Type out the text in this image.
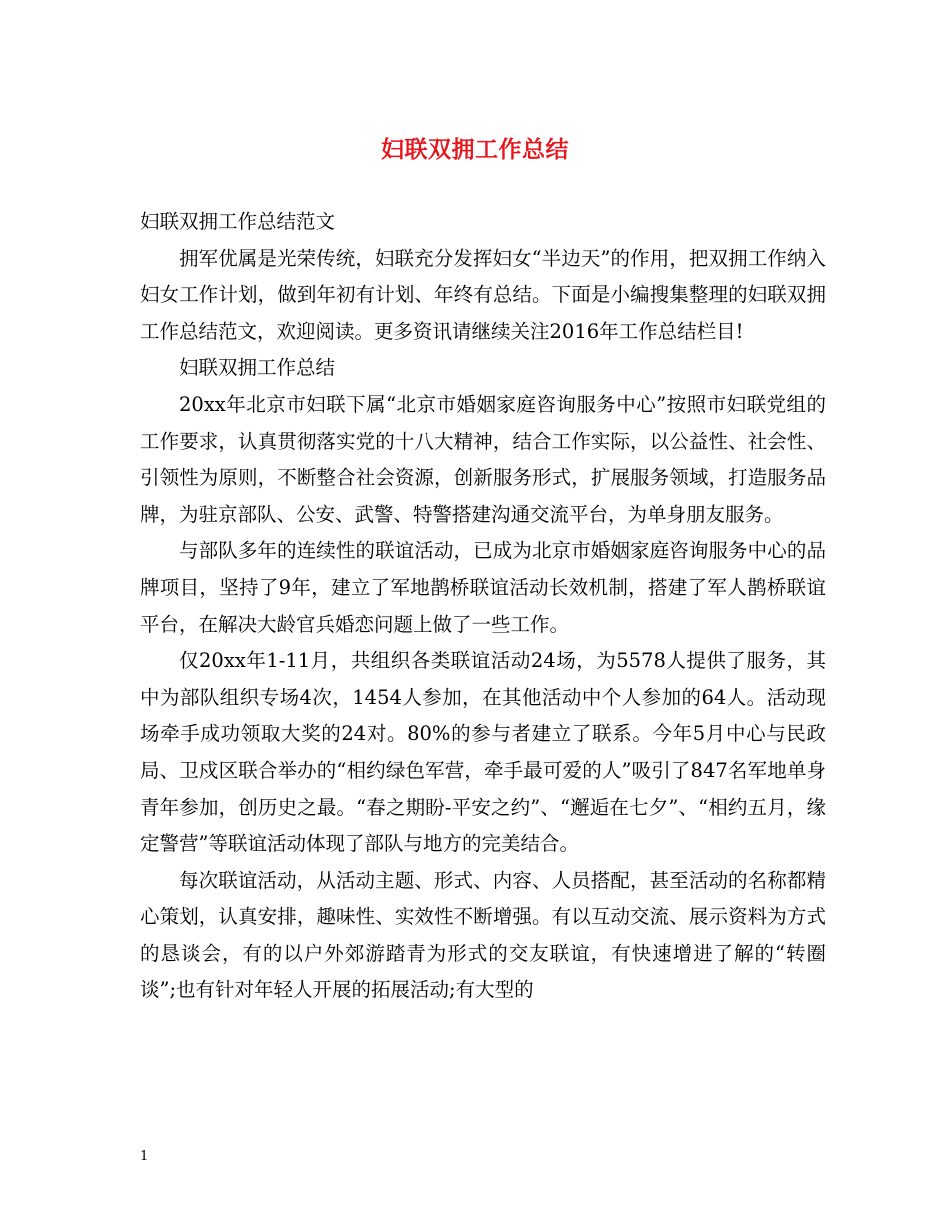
妇联双拥工作总结

妇联双拥工作总结范文

拥军优属是光荣传统，妇联充分发挥妇女“半边天”的作用，把双拥工作纳入妇女工作计划，做到年初有计划、年终有总结。下面是小编搜集整理的妇联双拥工作总结范文，欢迎阅读。更多资讯请继续关注2016年工作总结栏目!

妇联双拥工作总结

20xx年北京市妇联下属“北京市婚姻家庭咨询服务中心”按照市妇联党组的工作要求，认真贯彻落实党的十八大精神，结合工作实际，以公益性、社会性、引领性为原则，不断整合社会资源，创新服务形式，扩展服务领域，打造服务品牌，为驻京部队、公安、武警、特警搭建沟通交流平台，为单身朋友服务。

与部队多年的连续性的联谊活动，已成为北京市婚姻家庭咨询服务中心的品牌项目，坚持了9年，建立了军地鹊桥联谊活动长效机制，搭建了军人鹊桥联谊平台，在解决大龄官兵婚恋问题上做了一些工作。

仅20xx年1-11月，共组织各类联谊活动24场，为5578人提供了服务，其中为部队组织专场4次，1454人参加，在其他活动中个人参加的64人。活动现场牵手成功领取大奖的24对。80%的参与者建立了联系。今年5月中心与民政局、卫戍区联合举办的“相约绿色军营，牵手最可爱的人”吸引了847名军地单身青年参加，创历史之最。“春之期盼-平安之约”、“邂逅在七夕”、“相约五月，缘定警营”等联谊活动体现了部队与地方的完美结合。

每次联谊活动，从活动主题、形式、内容、人员搭配，甚至活动的名称都精心策划，认真安排，趣味性、实效性不断增强。有以互动交流、展示资料为方式的恳谈会，有的以户外郊游踏青为形式的交友联谊，有快速增进了解的“转圈谈”;也有针对年轻人开展的拓展活动;有大型的

1
